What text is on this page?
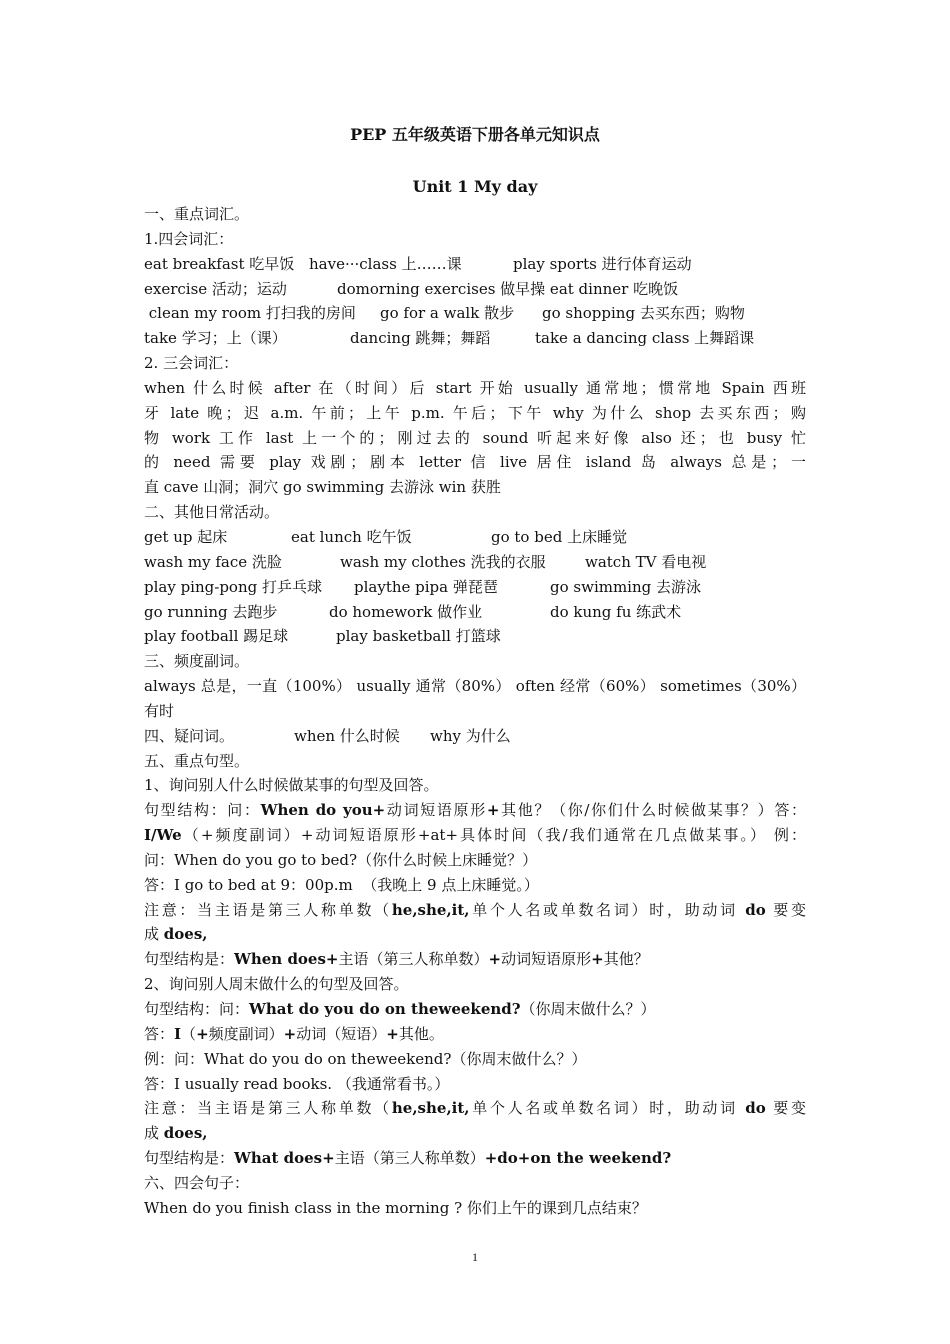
PEP 五年级英语下册各单元知识点
Unit 1 My day
一、重点词汇。
1.四会词汇：
eat breakfast 吃早饭 have···class 上……课	play sports 进行体育运动
exercise 活动；运动	domorning exercises 做早操 eat dinner 吃晚饭
clean my room 打扫我的房间 go for a walk 散步 go shopping 去买东西；购物
take 学习；上（课）	dancing 跳舞；舞蹈	take a dancing class 上舞蹈课
2. 三会词汇：
when 什么时候 after 在（时间）后 start 开始 usually 通常地；惯常地 Spain 西班
牙 late 晚；迟 a.m. 午前；上午 p.m. 午后；下午 why 为什么 shop 去买东西；购
物 work 工作 last 上一个的；刚过去的 sound 听起来好像 also 还；也 busy 忙
的 need 需要 play 戏剧；剧本 letter 信 live 居住 island 岛 always 总是；一
直 cave 山洞；洞穴 go swimming 去游泳 win 获胜
二、其他日常活动。
get up 起床	eat lunch 吃午饭	go to bed 上床睡觉
wash my face 洗脸	wash my clothes 洗我的衣服	watch TV 看电视
play ping-pong 打乒乓球 playthe pipa 弹琵琶	go swimming 去游泳
go running 去跑步	do homework 做作业	do kung fu 练武术
play football 踢足球	play basketball 打篮球
三、频度副词。
always 总是，一直（100%） usually 通常（80%） often 经常（60%） sometimes（30%）
有时
四、疑问词。	when 什么时候 why 为什么
五、重点句型。
1、询问别人什么时候做某事的句型及回答。
句型结构：问：When do you+动词短语原形+其他？（你/你们什么时候做某事？）答：
I/We（+频度副词）+动词短语原形+at+具体时间（我/我们通常在几点做某事。） 例：
问：When do you go to bed?（你什么时候上床睡觉？）
答：I go to bed at 9：00p.m  （我晚上 9 点上床睡觉。）
注意：当主语是第三人称单数（he,she,it,单个人名或单数名词）时，助动词 do 要变
成 does,
句型结构是：When does+主语（第三人称单数）+动词短语原形+其他？
2、询问别人周末做什么的句型及回答。
句型结构：问：What do you do on theweekend?（你周末做什么？）
答：I（+频度副词）+动词（短语）+其他。
例：问：What do you do on theweekend?（你周末做什么？）
答：I usually read books. （我通常看书。）
注意：当主语是第三人称单数（he,she,it,单个人名或单数名词）时，助动词 do 要变
成 does,
句型结构是：What does+主语（第三人称单数）+do+on the weekend?
六、四会句子：
When do you finish class in the morning ? 你们上午的课到几点结束？
1
